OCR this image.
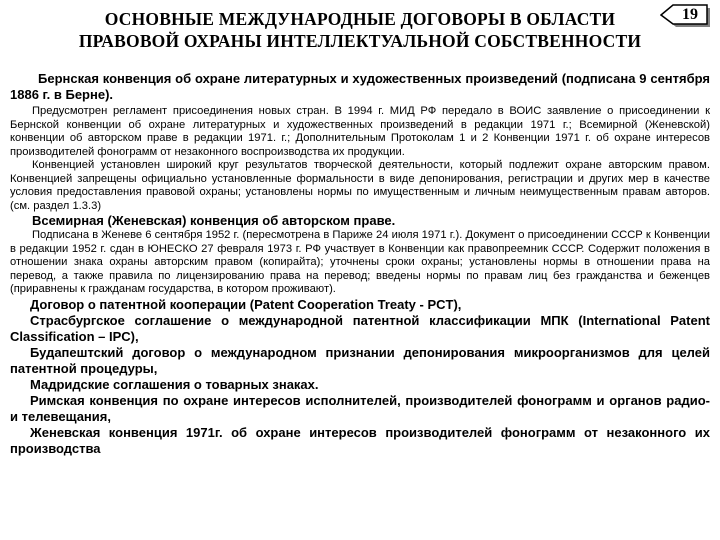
ОСНОВНЫЕ МЕЖДУНАРОДНЫЕ ДОГОВОРЫ В ОБЛАСТИ
ПРАВОВОЙ ОХРАНЫ ИНТЕЛЛЕКТУАЛЬНОЙ СОБСТВЕННОСТИ
19

Бернская конвенция об охране литературных и художественных произведений (подписана 9 сентября 1886 г. в Берне).

Предусмотрен регламент присоединения новых стран. В 1994 г. МИД РФ передало в ВОИС заявление о присоединении к Бернской конвенции об охране литературных и художественных произведений в редакции 1971 г.; Всемирной (Женевской) конвенции об авторском праве в редакции 1971. г.; Дополнительным Протоколам 1 и 2 Конвенции 1971 г. об охране интересов производителей фонограмм от незаконного воспроизводства их продукции.

Конвенцией установлен широкий круг результатов творческой деятельности, который подлежит охране авторским правом. Конвенцией запрещены официально установленные формальности в виде депонирования, регистрации и других мер в качестве условия предоставления правовой охраны; установлены нормы по имущественным и личным неимущественным правам авторов. (см. раздел 1.3.3)

Всемирная (Женевская) конвенция об авторском праве.

Подписана в Женеве 6 сентября 1952 г. (пересмотрена в Париже 24 июля 1971 г.). Документ о присоединении СССР к Конвенции в редакции 1952 г. сдан в ЮНЕСКО 27 февраля 1973 г. РФ участвует в Конвенции как правопреемник СССР. Содержит положения в отношении знака охраны авторским правом (копирайта); уточнены сроки охраны; установлены нормы в отношении права на перевод, а также правила по лицензированию права на перевод; введены нормы по правам лиц без гражданства и беженцев (приравнены к гражданам государства, в котором проживают).

Договор о патентной кооперации (Patent Cooperation Treaty - PCT),

Страсбургское соглашение о международной патентной классификации МПК (International Patent Classification – IPC),

Будапештский договор о международном признании депонирования микроорганизмов для целей патентной процедуры,

Мадридские соглашения о товарных знаках.

Римская конвенция по охране интересов исполнителей, производителей фонограмм и органов радио- и телевещания,

Женевская конвенция 1971г. об охране интересов производителей фонограмм от незаконного их производства
